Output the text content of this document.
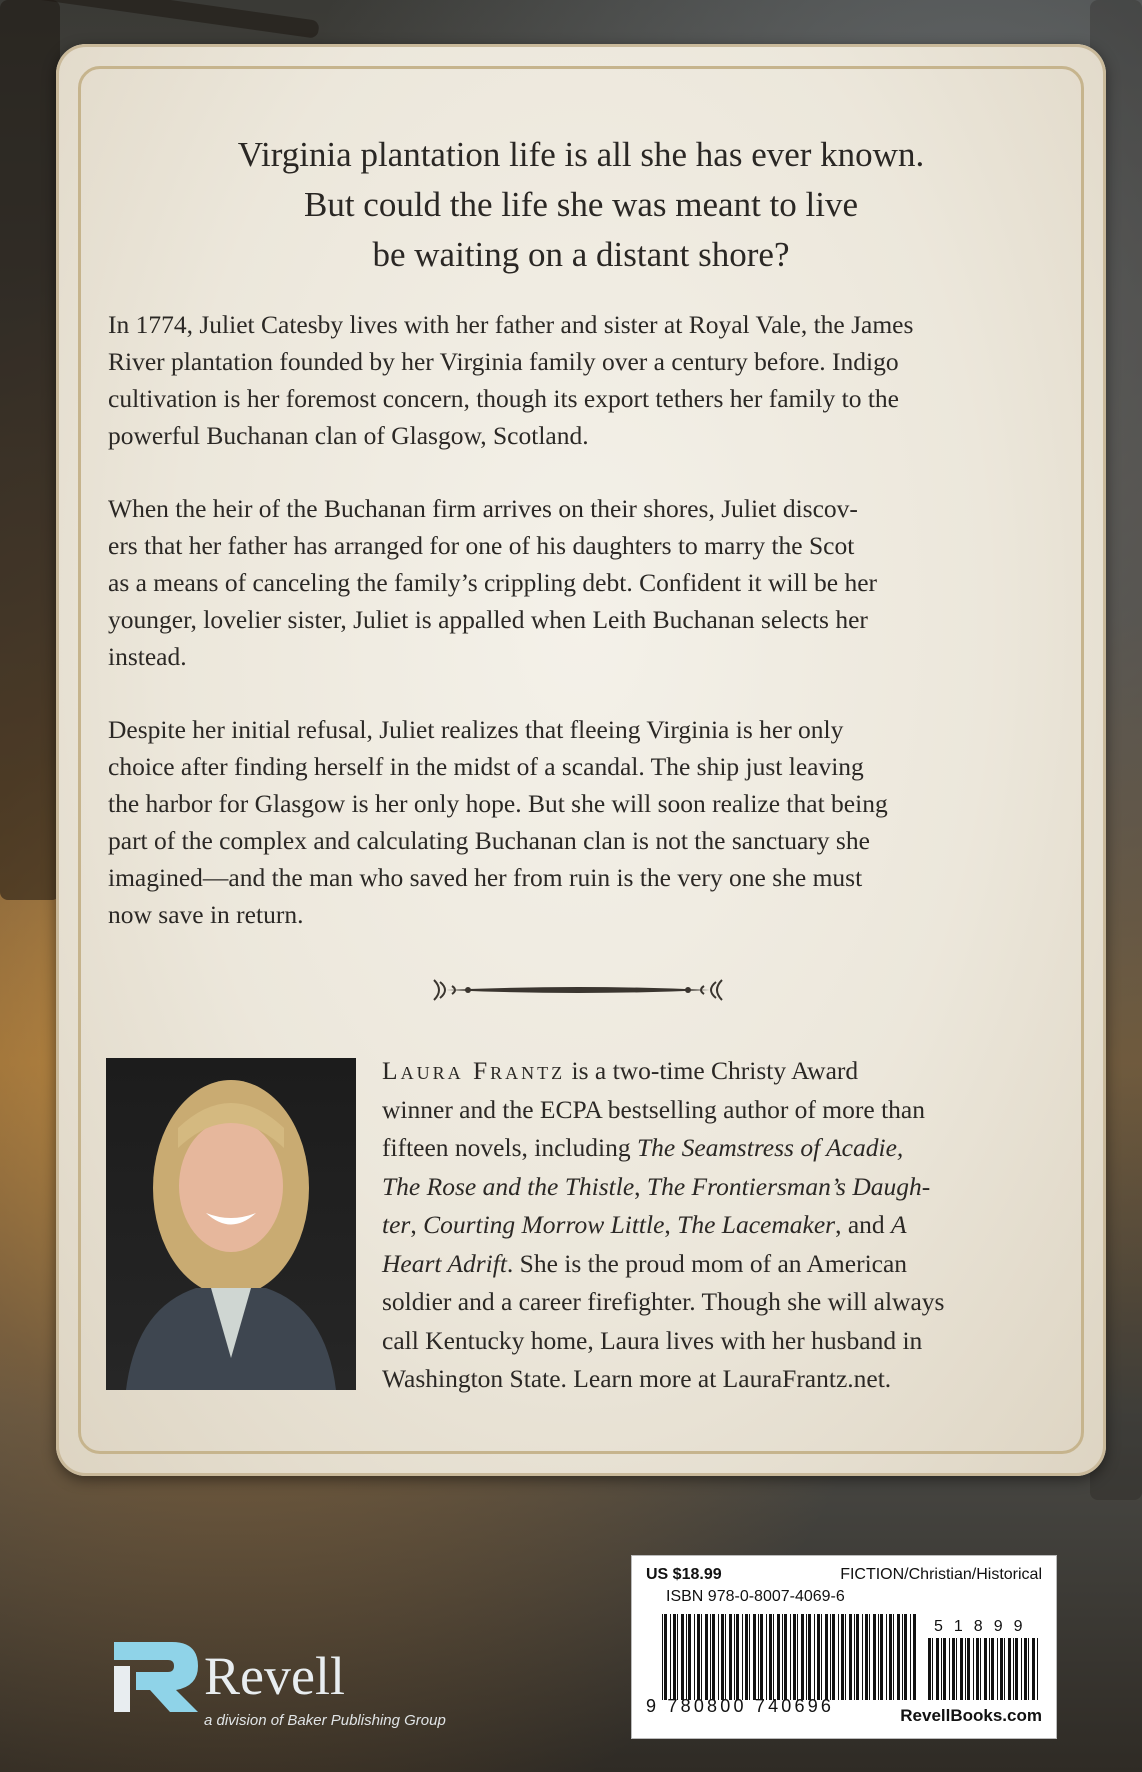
Virginia plantation life is all she has ever known.
But could the life she was meant to live
be waiting on a distant shore?
In 1774, Juliet Catesby lives with her father and sister at Royal Vale, the James
River plantation founded by her Virginia family over a century before. Indigo
cultivation is her foremost concern, though its export tethers her family to the
powerful Buchanan clan of Glasgow, Scotland.
When the heir of the Buchanan firm arrives on their shores, Juliet discov-
ers that her father has arranged for one of his daughters to marry the Scot
as a means of canceling the family’s crippling debt. Confident it will be her
younger, lovelier sister, Juliet is appalled when Leith Buchanan selects her
instead.
Despite her initial refusal, Juliet realizes that fleeing Virginia is her only
choice after finding herself in the midst of a scandal. The ship just leaving
the harbor for Glasgow is her only hope. But she will soon realize that being
part of the complex and calculating Buchanan clan is not the sanctuary she
imagined—and the man who saved her from ruin is the very one she must
now save in return.
Laura Frantz is a two-time Christy Award
winner and the ECPA bestselling author of more than
fifteen novels, including The Seamstress of Acadie,
The Rose and the Thistle, The Frontiersman’s Daugh-
ter, Courting Morrow Little, The Lacemaker, and A
Heart Adrift. She is the proud mom of an American
soldier and a career firefighter. Though she will always
call Kentucky home, Laura lives with her husband in
Washington State. Learn more at LauraFrantz.net.
US $18.99	FICTION/Christian/Historical
ISBN 978-0-8007-4069-6
51899
9 780800 740696	RevellBooks.com
Revell
a division of Baker Publishing Group
